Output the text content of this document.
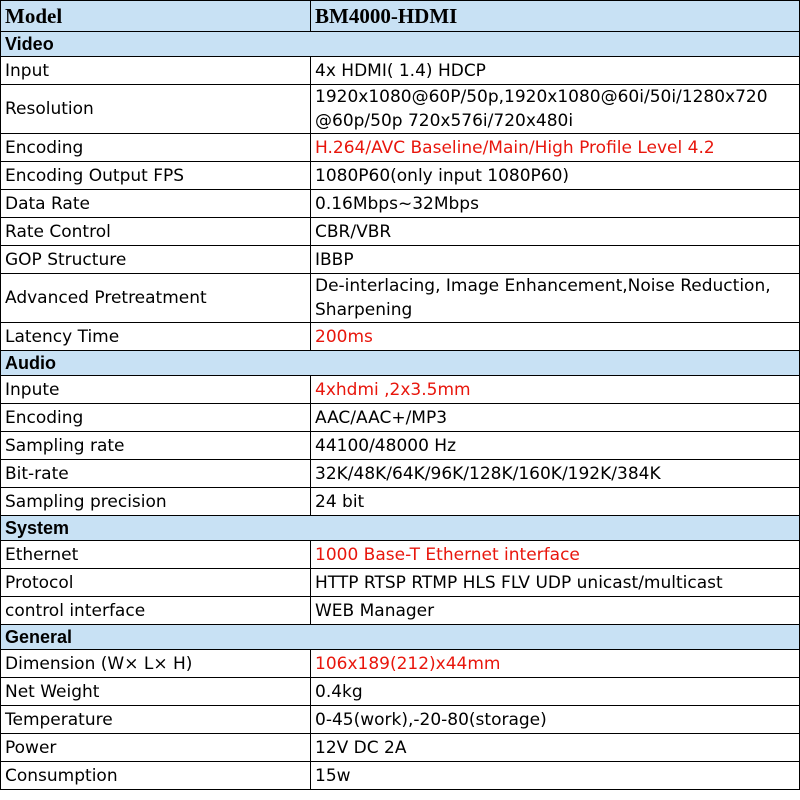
Model	BM4000-HDMI
Video	
Input	4x HDMI( 1.4) HDCP
Resolution	1920x1080@60P/50p,1920x1080@60i/50i/1280x720 @60p/50p 720x576i/720x480i
Encoding	H.264/AVC Baseline/Main/High Profile Level 4.2
Encoding Output FPS	1080P60(only input 1080P60)
Data Rate	0.16Mbps~32Mbps
Rate Control	CBR/VBR
GOP Structure	IBBP
Advanced Pretreatment	De-interlacing, Image Enhancement,Noise Reduction, Sharpening
Latency Time	200ms
Audio	
Inpute	4xhdmi ,2x3.5mm
Encoding	AAC/AAC+/MP3
Sampling rate	44100/48000 Hz
Bit-rate	32K/48K/64K/96K/128K/160K/192K/384K
Sampling precision	24 bit
System	
Ethernet	1000 Base-T Ethernet interface
Protocol	HTTP RTSP RTMP HLS FLV UDP unicast/multicast
control interface	WEB Manager
General	
Dimension (W× L× H)	106x189(212)x44mm
Net Weight	0.4kg
Temperature	0-45(work),-20-80(storage)
Power	12V DC 2A
Consumption	15w
